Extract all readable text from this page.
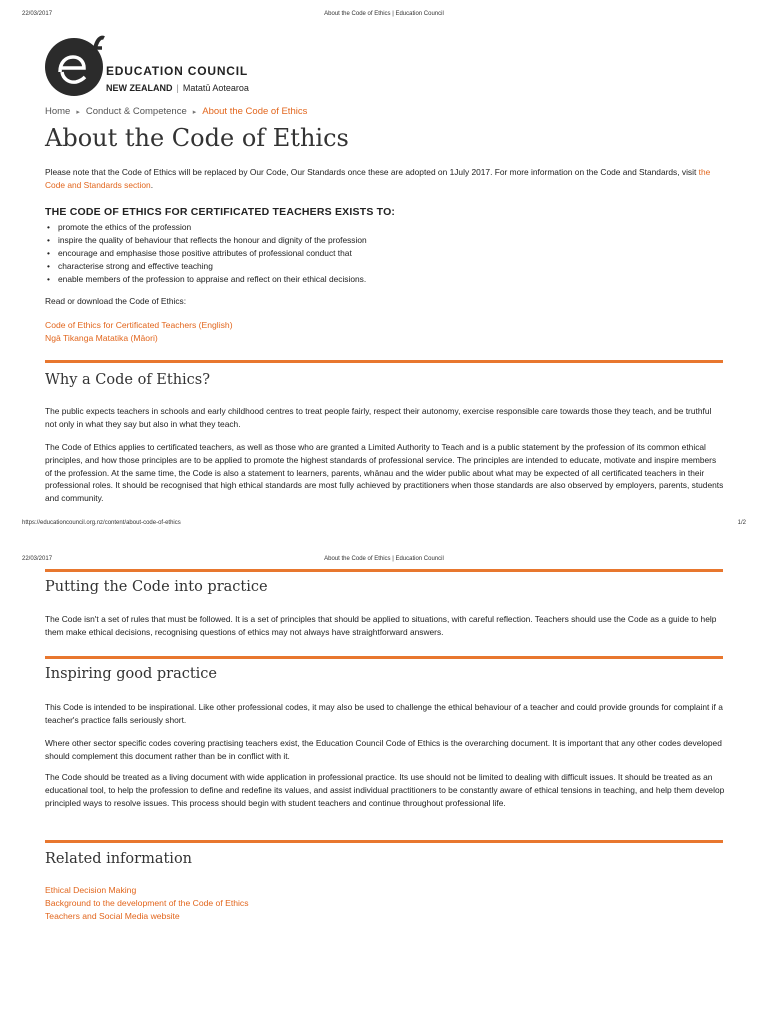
22/03/2017	About the Code of Ethics | Education Council
EDUCATION COUNCIL
NEW ZEALAND | Matatū Aotearoa
Home ▸ Conduct & Competence ▸ About the Code of Ethics
About the Code of Ethics

Please note that the Code of Ethics will be replaced by Our Code, Our Standards once these are adopted on 1July 2017. For more information on the Code and Standards, visit the Code and Standards section.

THE CODE OF ETHICS FOR CERTIFICATED TEACHERS EXISTS TO:
• promote the ethics of the profession
• inspire the quality of behaviour that reflects the honour and dignity of the profession
• encourage and emphasise those positive attributes of professional conduct that
• characterise strong and effective teaching
• enable members of the profession to appraise and reflect on their ethical decisions.

Read or download the Code of Ethics:

Code of Ethics for Certificated Teachers (English)
Ngā Tikanga Matatika (Māori)
Why a Code of Ethics?

The public expects teachers in schools and early childhood centres to treat people fairly, respect their autonomy, exercise responsible care towards those they teach, and be truthful not only in what they say but also in what they teach.

The Code of Ethics applies to certificated teachers, as well as those who are granted a Limited Authority to Teach and is a public statement by the profession of its common ethical principles, and how those principles are to be applied to promote the highest standards of professional service. The principles are intended to educate, motivate and inspire members of the profession. At the same time, the Code is also a statement to learners, parents, whānau and the wider public about what may be expected of all certificated teachers in their professional roles. It should be recognised that high ethical standards are most fully achieved by practitioners when those standards are also observed by employers, parents, students and community.

https://educationcouncil.org.nz/content/about-code-of-ethics	1/2
22/03/2017	About the Code of Ethics | Education Council
Putting the Code into practice

The Code isn't a set of rules that must be followed. It is a set of principles that should be applied to situations, with careful reflection. Teachers should use the Code as a guide to help them make ethical decisions, recognising questions of ethics may not always have straightforward answers.

Inspiring good practice

This Code is intended to be inspirational. Like other professional codes, it may also be used to challenge the ethical behaviour of a teacher and could provide grounds for complaint if a teacher's practice falls seriously short.

Where other sector specific codes covering practising teachers exist, the Education Council Code of Ethics is the overarching document. It is important that any other codes developed should complement this document rather than be in conflict with it.

The Code should be treated as a living document with wide application in professional practice. Its use should not be limited to dealing with difficult issues. It should be treated as an educational tool, to help the profession to define and redefine its values, and assist individual practitioners to be constantly aware of ethical tensions in teaching, and help them develop principled ways to resolve issues. This process should begin with student teachers and continue throughout professional life.

Related information
Ethical Decision Making
Background to the development of the Code of Ethics
Teachers and Social Media website
